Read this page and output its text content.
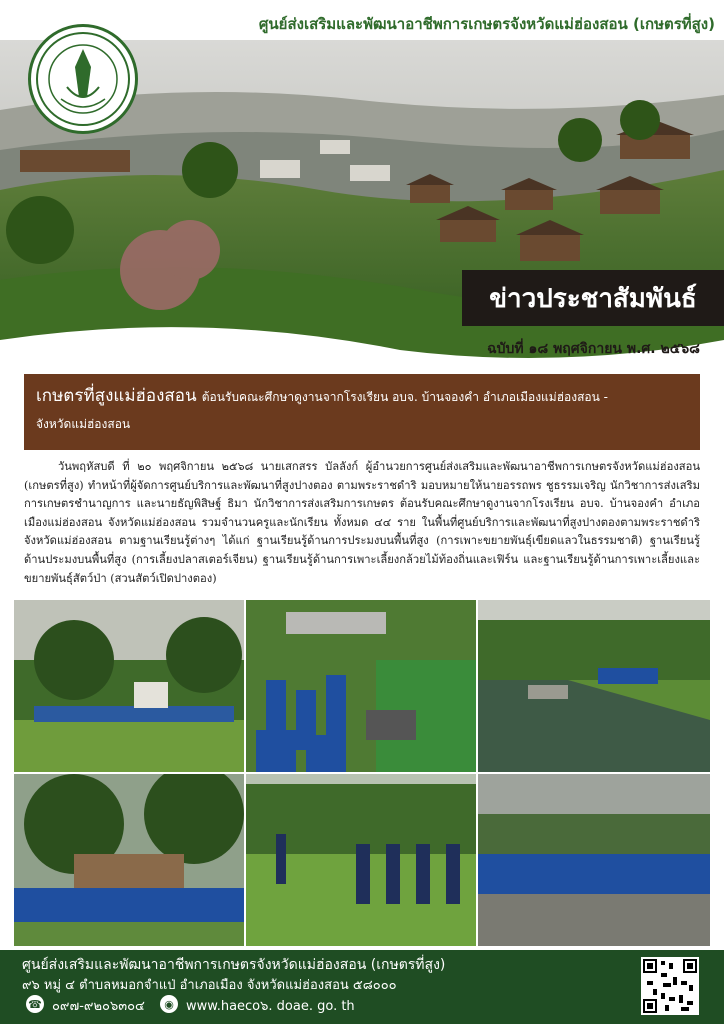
ศูนย์ส่งเสริมและพัฒนาอาชีพการเกษตรจังหวัดแม่ฮ่องสอน (เกษตรที่สูง)
ข่าวประชาสัมพันธ์
ฉบับที่ ๑๘ พฤศจิกายน พ.ศ. ๒๕๖๘
เกษตรที่สูงแม่ฮ่องสอน ต้อนรับคณะศึกษาดูงานจากโรงเรียน อบจ. บ้านจองคำ อำเภอเมืองแม่ฮ่องสอน -
จังหวัดแม่ฮ่องสอน
วันพฤหัสบดี ที่ ๒๐ พฤศจิกายน ๒๕๖๘ นายเสกสรร บัลลังก์ ผู้อำนวยการศูนย์ส่งเสริมและพัฒนาอาชีพการเกษตรจังหวัดแม่ฮ่องสอน (เกษตรที่สูง) ทำหน้าที่ผู้จัดการศูนย์บริการและพัฒนาที่สูงปางตอง ตามพระราชดำริ มอบหมายให้นายอรรถพร ชูธรรมเจริญ นักวิชาการส่งเสริมการเกษตรชำนาญการ และนายธัญพิสิษฐ์ ธิมา นักวิชาการส่งเสริมการเกษตร ต้อนรับคณะศึกษาดูงานจากโรงเรียน อบจ. บ้านจองคำ อำเภอเมืองแม่ฮ่องสอน จังหวัดแม่ฮ่องสอน รวมจำนวนครูและนักเรียน ทั้งหมด ๔๔ ราย ในพื้นที่ศูนย์บริการและพัฒนาที่สูงปางตองตามพระราชดำริ จังหวัดแม่ฮ่องสอน ตามฐานเรียนรู้ต่างๆ ได้แก่ ฐานเรียนรู้ด้านการประมงบนพื้นที่สูง (การเพาะขยายพันธุ์เขียดแลวในธรรมชาติ) ฐานเรียนรู้ด้านประมงบนพื้นที่สูง (การเลี้ยงปลาสเตอร์เจียน) ฐานเรียนรู้ด้านการเพาะเลี้ยงกล้วยไม้ท้องถิ่นและเฟิร์น และฐานเรียนรู้ด้านการเพาะเลี้ยงและขยายพันธุ์สัตว์ป่า (สวนสัตว์เปิดปางตอง)
ศูนย์ส่งเสริมและพัฒนาอาชีพการเกษตรจังหวัดแม่ฮ่องสอน (เกษตรที่สูง)
๙๖ หมู่ ๔ ตำบลหมอกจำแป่ อำเภอเมือง จังหวัดแม่ฮ่องสอน ๕๘๐๐๐
☎ ๐๙๗-๙๒๐๖๓๐๔	◉ www.haeco๖. doae. go. th
